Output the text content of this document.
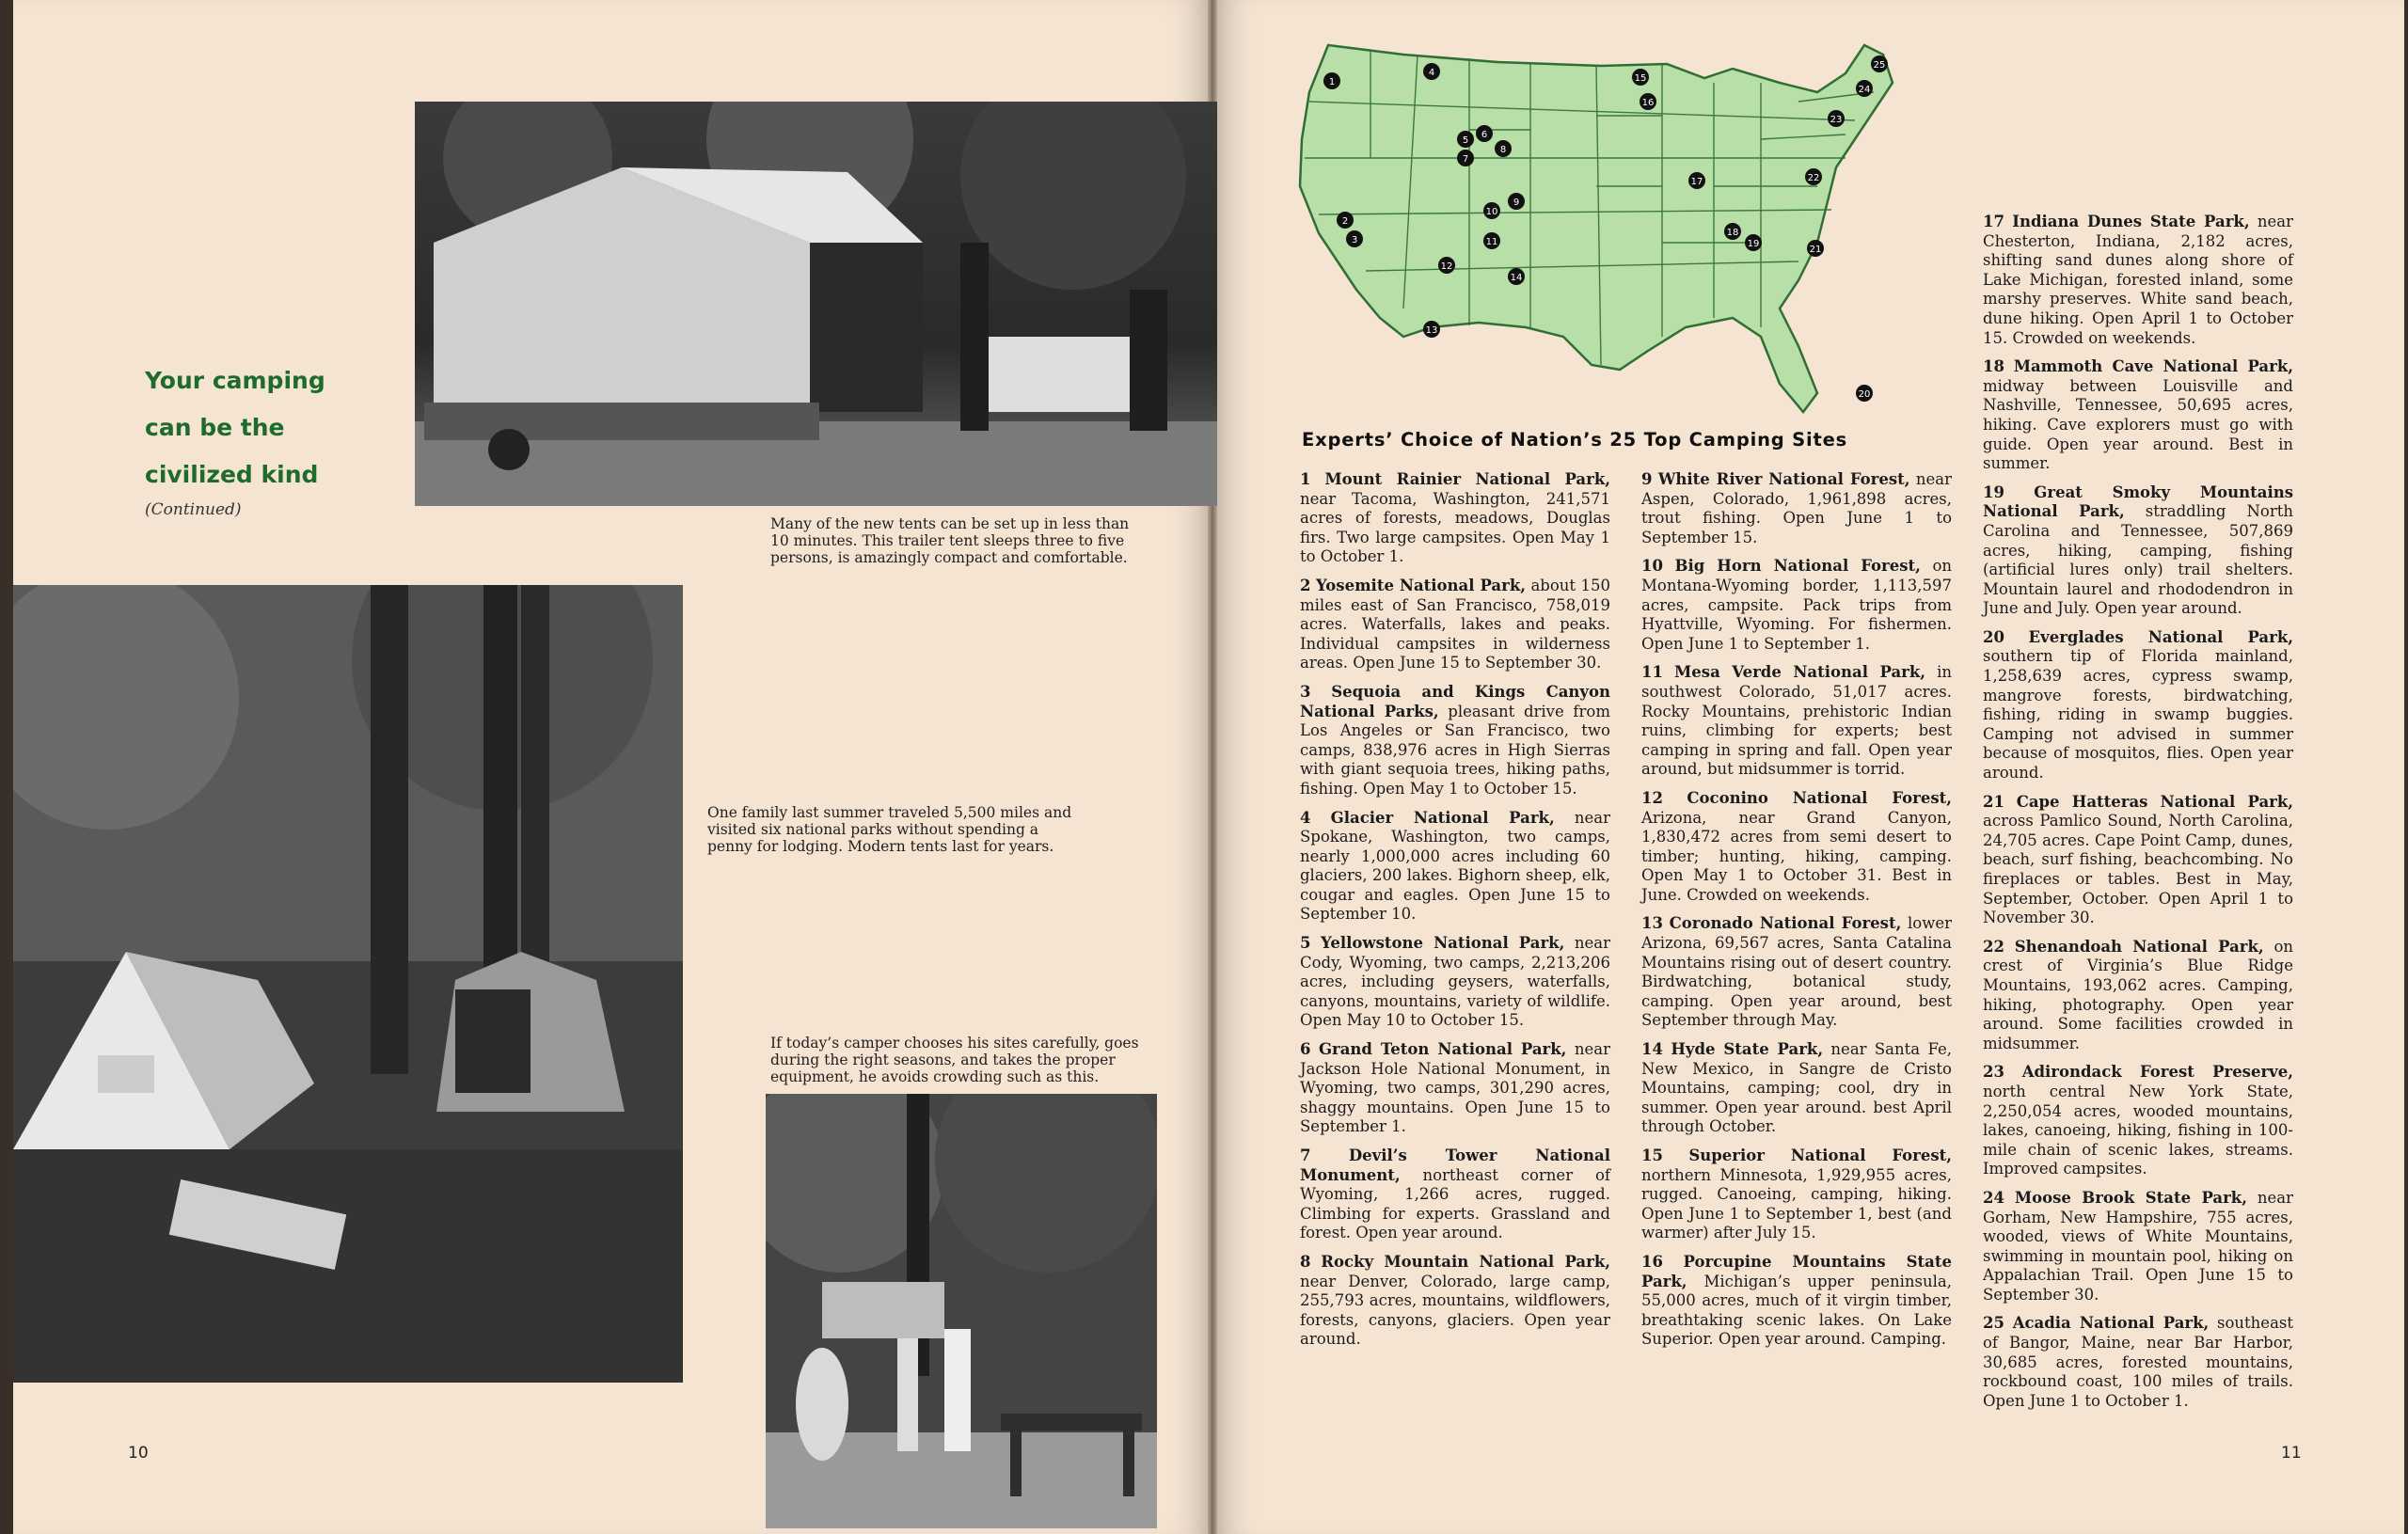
Many of the new tents can be set up in less than 10 minutes. This trailer tent sleeps three to five persons, is amazingly compact and comfortable.
Your camping
can be the
civilized kind
(Continued)
One family last summer traveled 5,500 miles and visited six national parks without spending a penny for lodging. Modern tents last for years.
If today’s camper chooses his sites carefully, goes during the right seasons, and takes the proper equipment, he avoids crowding such as this.
10
1
2
3
4
5
6
7
8
9
10
11
12
13
14
15
16
17
18
19
20
21
22
23
24
25
Experts’ Choice of Nation’s 25 Top Camping Sites
1 Mount Rainier National Park, near Tacoma, Washington, 241,571 acres of forests, meadows, Douglas firs. Two large campsites. Open May 1 to October 1.
2 Yosemite National Park, about 150 miles east of San Francisco, 758,019 acres. Waterfalls, lakes and peaks. Individual campsites in wilderness areas. Open June 15 to September 30.
3 Sequoia and Kings Canyon National Parks, pleasant drive from Los Angeles or San Francisco, two camps, 838,976 acres in High Sierras with giant sequoia trees, hiking paths, fishing. Open May 1 to October 15.
4 Glacier National Park, near Spokane, Washington, two camps, nearly 1,000,000 acres including 60 glaciers, 200 lakes. Bighorn sheep, elk, cougar and eagles. Open June 15 to September 10.
5 Yellowstone National Park, near Cody, Wyoming, two camps, 2,213,206 acres, including geysers, waterfalls, canyons, mountains, variety of wildlife. Open May 10 to October 15.
6 Grand Teton National Park, near Jackson Hole National Monument, in Wyoming, two camps, 301,290 acres, shaggy mountains. Open June 15 to September 1.
7 Devil’s Tower National Monument, northeast corner of Wyoming, 1,266 acres, rugged. Climbing for experts. Grassland and forest. Open year around.
8 Rocky Mountain National Park, near Denver, Colorado, large camp, 255,793 acres, mountains, wildflowers, forests, canyons, glaciers. Open year around.
9 White River National Forest, near Aspen, Colorado, 1,961,898 acres, trout fishing. Open June 1 to September 15.
10 Big Horn National Forest, on Montana-Wyoming border, 1,113,597 acres, campsite. Pack trips from Hyattville, Wyoming. For fishermen. Open June 1 to September 1.
11 Mesa Verde National Park, in southwest Colorado, 51,017 acres. Rocky Mountains, prehistoric Indian ruins, climbing for experts; best camping in spring and fall. Open year around, but midsummer is torrid.
12 Coconino National Forest, Arizona, near Grand Canyon, 1,830,472 acres from semi desert to timber; hunting, hiking, camping. Open May 1 to October 31. Best in June. Crowded on weekends.
13 Coronado National Forest, lower Arizona, 69,567 acres, Santa Catalina Mountains rising out of desert country. Birdwatching, botanical study, camping. Open year around, best September through May.
14 Hyde State Park, near Santa Fe, New Mexico, in Sangre de Cristo Mountains, camping; cool, dry in summer. Open year around. best April through October.
15 Superior National Forest, northern Minnesota, 1,929,955 acres, rugged. Canoeing, camping, hiking. Open June 1 to September 1, best (and warmer) after July 15.
16 Porcupine Mountains State Park, Michigan’s upper peninsula, 55,000 acres, much of it virgin timber, breathtaking scenic lakes. On Lake Superior. Open year around. Camping.
17 Indiana Dunes State Park, near Chesterton, Indiana, 2,182 acres, shifting sand dunes along shore of Lake Michigan, forested inland, some marshy preserves. White sand beach, dune hiking. Open April 1 to October 15. Crowded on weekends.
18 Mammoth Cave National Park, midway between Louisville and Nashville, Tennessee, 50,695 acres, hiking. Cave explorers must go with guide. Open year around. Best in summer.
19 Great Smoky Mountains National Park, straddling North Carolina and Tennessee, 507,869 acres, hiking, camping, fishing (artificial lures only) trail shelters. Mountain laurel and rhododendron in June and July. Open year around.
20 Everglades National Park, southern tip of Florida mainland, 1,258,639 acres, cypress swamp, mangrove forests, birdwatching, fishing, riding in swamp buggies. Camping not advised in summer because of mosquitos, flies. Open year around.
21 Cape Hatteras National Park, across Pamlico Sound, North Carolina, 24,705 acres. Cape Point Camp, dunes, beach, surf fishing, beachcombing. No fireplaces or tables. Best in May, September, October. Open April 1 to November 30.
22 Shenandoah National Park, on crest of Virginia’s Blue Ridge Mountains, 193,062 acres. Camping, hiking, photography. Open year around. Some facilities crowded in midsummer.
23 Adirondack Forest Preserve, north central New York State, 2,250,054 acres, wooded mountains, lakes, canoeing, hiking, fishing in 100-mile chain of scenic lakes, streams. Improved campsites.
24 Moose Brook State Park, near Gorham, New Hampshire, 755 acres, wooded, views of White Mountains, swimming in mountain pool, hiking on Appalachian Trail. Open June 15 to September 30.
25 Acadia National Park, southeast of Bangor, Maine, near Bar Harbor, 30,685 acres, forested mountains, rockbound coast, 100 miles of trails. Open June 1 to October 1.
11
